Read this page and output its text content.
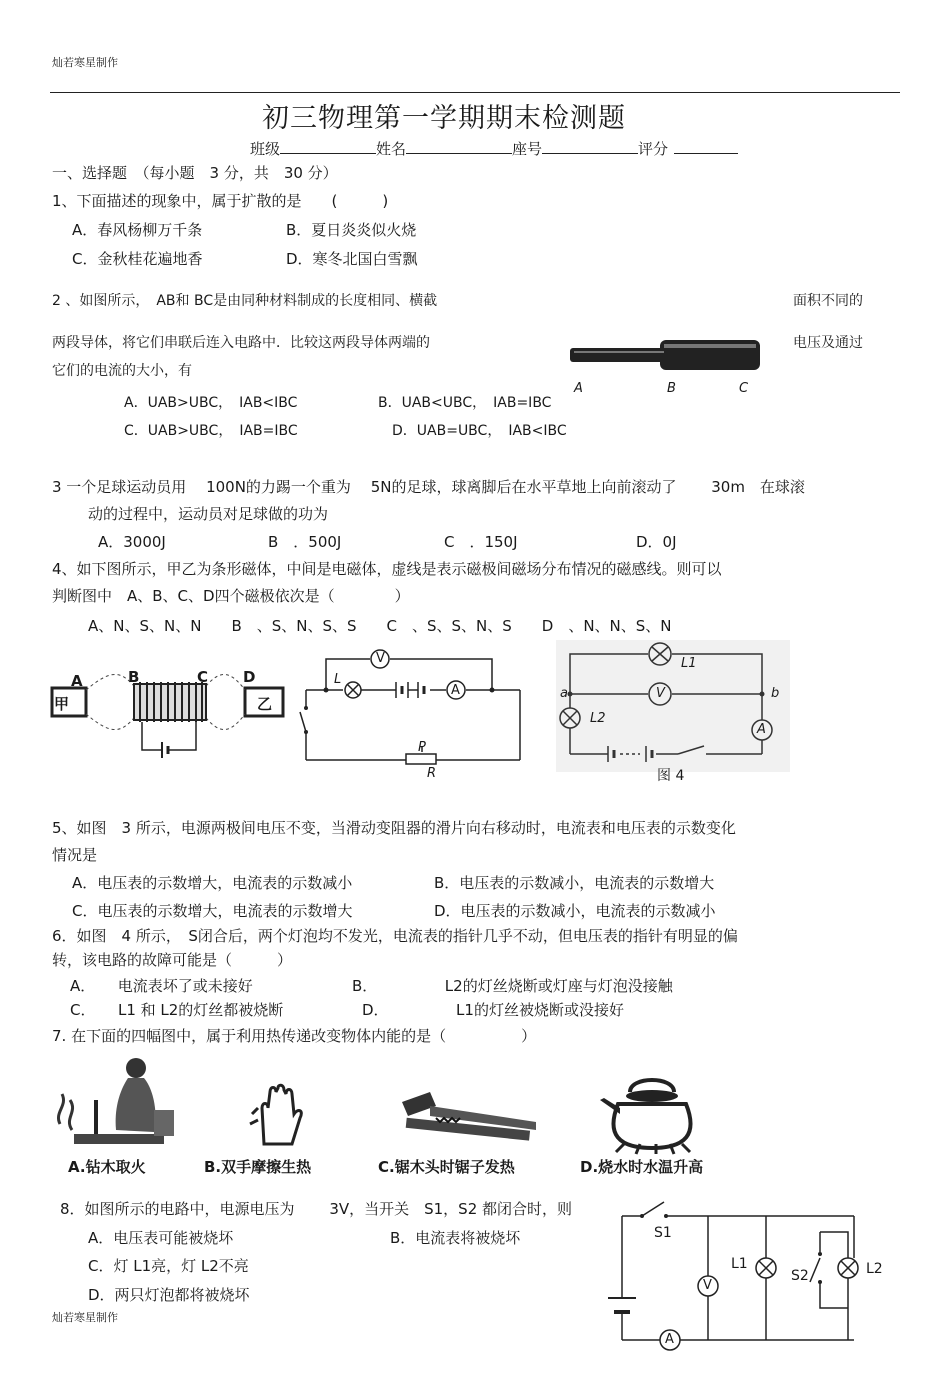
灿若寒星制作
初三物理第一学期期末检测题
班级	姓名	座号	评分
一、选择题　（每小题　3 分，共　30 分）
1、下面描述的现象中，属于扩散的是　　(　　　)
A．春风杨柳万千条	B．夏日炎炎似火烧
C．金秋桂花遍地香	D．寒冬北国白雪飘
2 、如图所示，　AB和 BC是由同种材料制成的长度相同、横截	面积不同的
两段导体，将它们串联后连入电路中．比较这两段导体两端的	电压及通过
它们的电流的大小，有
A．UAB>UBC，　IAB<IBC	B．UAB<UBC，　IAB=IBC
C．UAB>UBC，　IAB=IBC	D．UAB=UBC，　IAB<IBC
A	B	C
3 一个足球运动员用　 100N的力踢一个重为　 5N的足球，球离脚后在水平草地上向前滚动了　　 30m　在球滚
动的过程中，运动员对足球做的功为
A．3000J	B　．500J	C　．150J	D．0J
4、如下图所示，甲乙为条形磁体，中间是电磁体，虚线是表示磁极间磁场分布情况的磁感线。则可以
判断图中　A、B、C、D四个磁极依次是（　　　　）
A、N、S、N、N　　B　、S、N、S、S　　C　、S、S、N、S　　D　、N、N、S、N
A	B	C D
甲	乙
V
L
A
P
R
L1
V
a	b
L2
A
图 4
5、如图　3 所示，电源两极间电压不变，当滑动变阻器的滑片向右移动时，电流表和电压表的示数变化
情况是
A．电压表的示数增大，电流表的示数减小	B．电压表的示数减小，电流表的示数增大
C．电压表的示数增大，电流表的示数增大	D．电压表的示数减小，电流表的示数减小
6．如图　4 所示，　S闭合后，两个灯泡均不发光，电流表的指针几乎不动，但电压表的指针有明显的偏
转，该电路的故障可能是（　　　）
A．　　电流表坏了或未接好	B．　　　　　L2的灯丝烧断或灯座与灯泡没接触
C．　　L1 和 L2的灯丝都被烧断	D．　　　　　L1的灯丝被烧断或没接好
7. 在下面的四幅图中，属于利用热传递改变物体内能的是（　　　　　）
A.钻木取火	B.双手摩擦生热	C.锯木头时锯子发热	D.烧水时水温升高
8．如图所示的电路中，电源电压为　　 3V，当开关　S1，S2 都闭合时，则
A．电压表可能被烧坏	B．电流表将被烧坏
C．灯 L1亮，灯 L2不亮
D．两只灯泡都将被烧坏
S1
L1
S2	L2
V
A
灿若寒星制作
